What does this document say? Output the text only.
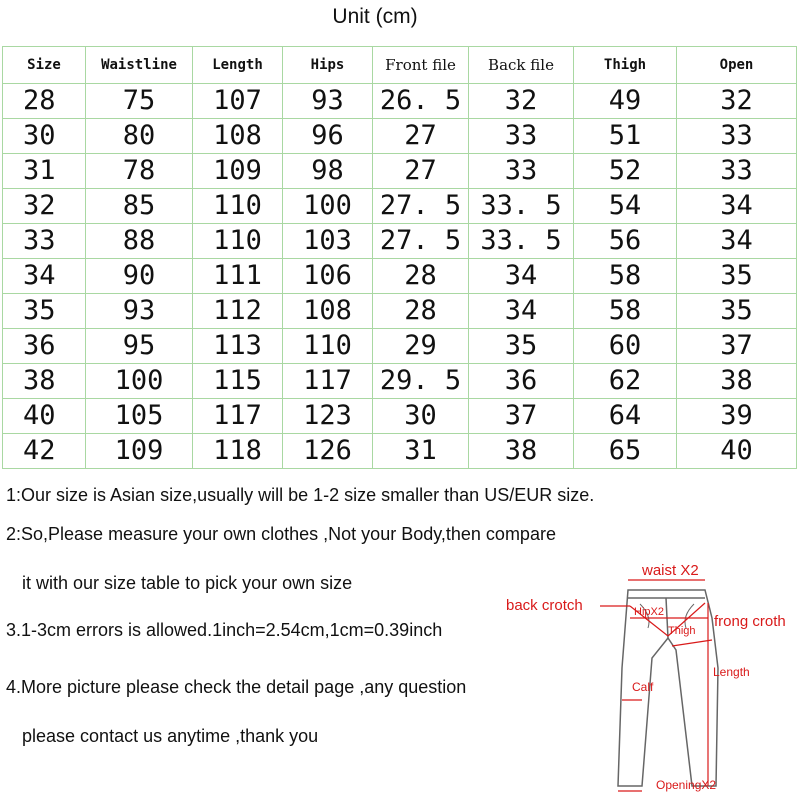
Unit (cm)
Size	Waistline	Length	Hips	Front file	Back file	Thigh	Open
28	75	107	93	26. 5	32	49	32
30	80	108	96	27	33	51	33
31	78	109	98	27	33	52	33
32	85	110	100	27. 5	33. 5	54	34
33	88	110	103	27. 5	33. 5	56	34
34	90	111	106	28	34	58	35
35	93	112	108	28	34	58	35
36	95	113	110	29	35	60	37
38	100	115	117	29. 5	36	62	38
40	105	117	123	30	37	64	39
42	109	118	126	31	38	65	40
1:Our size is Asian size,usually will be 1-2 size smaller than US/EUR size.
2:So,Please measure your own clothes ,Not your Body,then compare
it with our size table to pick your own size
3.1-3cm errors is allowed.1inch=2.54cm,1cm=0.39inch
4.More picture please check the detail page ,any question
please contact us anytime ,thank you
waist X2
back crotch	HipX2
frong croth
Thigh
Length
Calf
OpeningX2
